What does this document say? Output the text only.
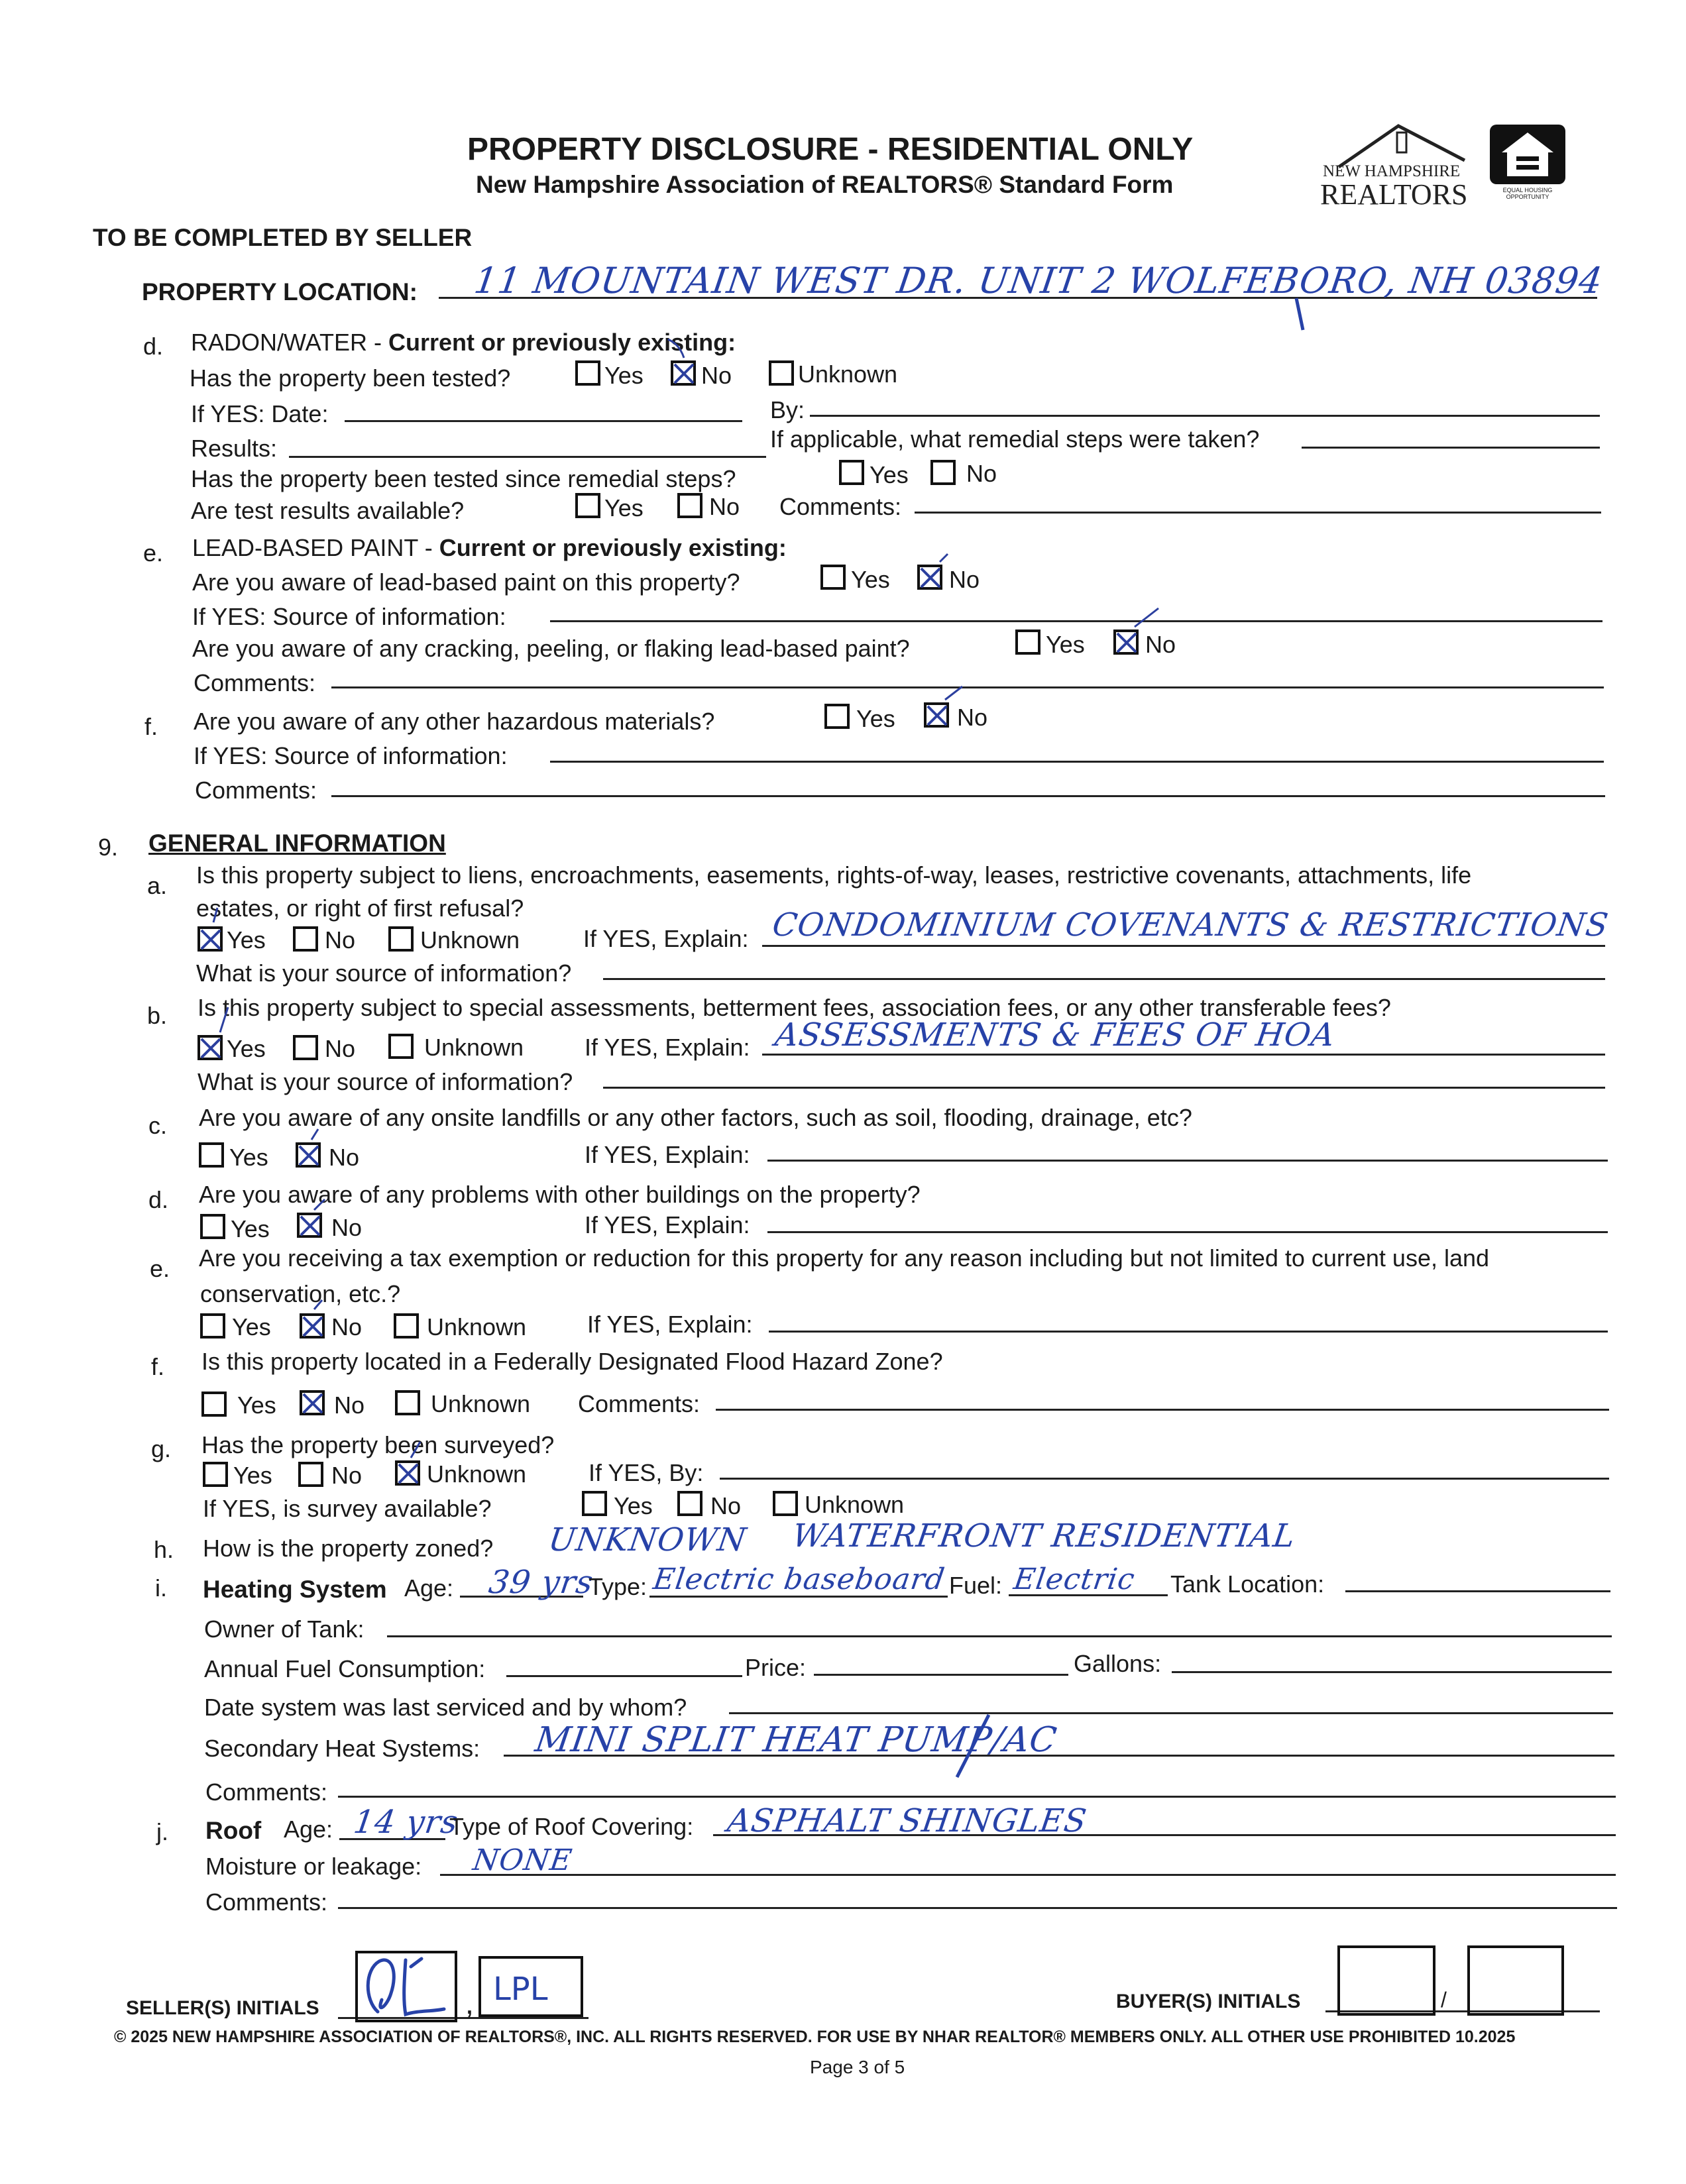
PROPERTY DISCLOSURE - RESIDENTIAL ONLY
New Hampshire Association of REALTORS® Standard Form	NEW HAMPSHIRE
REALTORS	EQUAL HOUSING OPPORTUNITY
TO BE COMPLETED BY SELLER
PROPERTY LOCATION: 11 MOUNTAIN WEST DR. UNIT 2 WOLFEBORO, NH 03894
d. RADON/WATER - Current or previously existing:
Has the property been tested?	Yes No	Unknown
If YES: Date:	By:
Results:	If applicable, what remedial steps were taken?
Has the property been tested since remedial steps?	Yes No
Are test results available?	Yes	No Comments:
e. LEAD-BASED PAINT - Current or previously existing:
Are you aware of lead-based paint on this property?	Yes No
If YES: Source of information:
Are you aware of any cracking, peeling, or flaking lead-based paint?	Yes	No
Comments:
f. Are you aware of any other hazardous materials?	Yes	No
If YES: Source of information:
Comments:
9. GENERAL INFORMATION
a. Is this property subject to liens, encroachments, easements, rights-of-way, leases, restrictive covenants, attachments, life
estates, or right of first refusal?
Yes No	Unknown	If YES, Explain: CONDOMINIUM COVENANTS & RESTRICTIONS
What is your source of information?
b. Is this property subject to special assessments, betterment fees, association fees, or any other transferable fees?
Yes No	Unknown	If YES, Explain: ASSESSMENTS & FEES OF HOA
What is your source of information?
c. Are you aware of any onsite landfills or any other factors, such as soil, flooding, drainage, etc?
Yes	No	If YES, Explain:
d. Are you aware of any problems with other buildings on the property?
Yes	No	If YES, Explain:
e. Are you receiving a tax exemption or reduction for this property for any reason including but not limited to current use, land
conservation, etc.?
Yes	No	Unknown	If YES, Explain:
f. Is this property located in a Federally Designated Flood Hazard Zone?
Yes No	Unknown Comments:
g. Has the property been surveyed?
Yes No	Unknown	If YES, By:
If YES, is survey available?	Yes No	Unknown
h. How is the property zoned? UNKNOWN WATERFRONT RESIDENTIAL
i. Heating System Age: 39 yrs
Type: Electric baseboard Fuel: Electric Tank Location:
Owner of Tank:
Annual Fuel Consumption:	Price:	Gallons:
Date system was last serviced and by whom?
Secondary Heat Systems: MINI SPLIT HEAT PUMP/AC
Comments:
j. Roof Age: 14 yrs
Type of Roof Covering: ASPHALT SHINGLES
Moisture or leakage: NONE
Comments:
SELLER(S) INITIALS	, LPL	BUYER(S) INITIALS	/
© 2025 NEW HAMPSHIRE ASSOCIATION OF REALTORS®, INC. ALL RIGHTS RESERVED. FOR USE BY NHAR REALTOR® MEMBERS ONLY. ALL OTHER USE PROHIBITED 10.2025
Page 3 of 5
